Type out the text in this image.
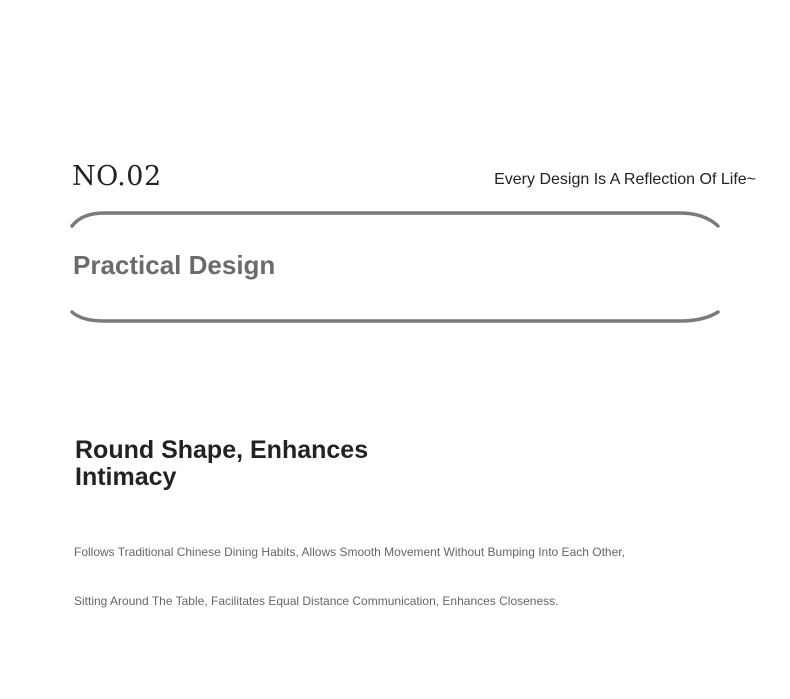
NO.02	Every Design Is A Reflection Of Life~
Practical Design
Round Shape, Enhances
Intimacy
Follows Traditional Chinese Dining Habits, Allows Smooth Movement Without Bumping Into Each Other,
Sitting Around The Table, Facilitates Equal Distance Communication, Enhances Closeness.
